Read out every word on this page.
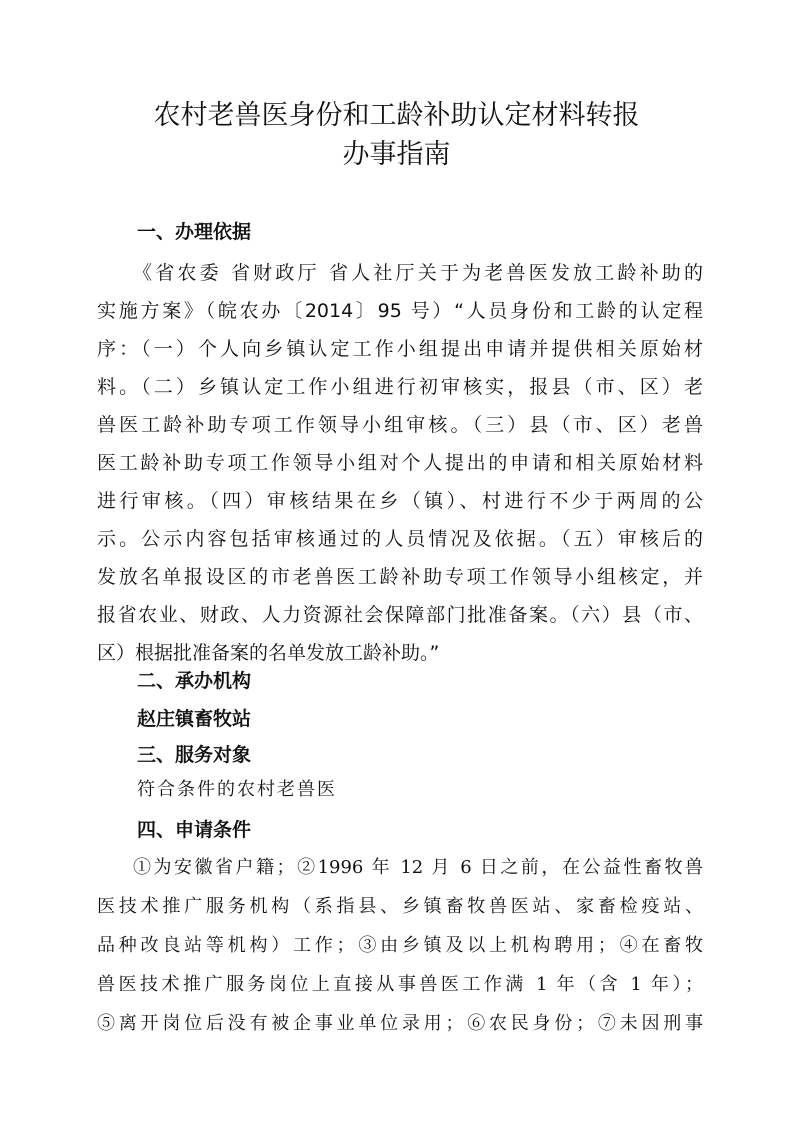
农村老兽医身份和工龄补助认定材料转报
办事指南
一、办理依据
《省农委 省财政厅 省人社厅关于为老兽医发放工龄补助的
实施方案》（皖农办〔2014〕95 号）“人员身份和工龄的认定程
序：（一）个人向乡镇认定工作小组提出申请并提供相关原始材
料。（二）乡镇认定工作小组进行初审核实，报县（市、区）老
兽医工龄补助专项工作领导小组审核。（三）县（市、区）老兽
医工龄补助专项工作领导小组对个人提出的申请和相关原始材料
进行审核。（四）审核结果在乡（镇）、村进行不少于两周的公
示。公示内容包括审核通过的人员情况及依据。（五）审核后的
发放名单报设区的市老兽医工龄补助专项工作领导小组核定，并
报省农业、财政、人力资源社会保障部门批准备案。（六）县（市、
区）根据批准备案的名单发放工龄补助。”
二、承办机构
赵庄镇畜牧站
三、服务对象
符合条件的农村老兽医
四、申请条件
①为安徽省户籍；②1996 年 12 月 6 日之前，在公益性畜牧兽
医技术推广服务机构（系指县、乡镇畜牧兽医站、家畜检疫站、
品种改良站等机构）工作；③由乡镇及以上机构聘用；④在畜牧
兽医技术推广服务岗位上直接从事兽医工作满 1 年（含 1 年）；
⑤离开岗位后没有被企事业单位录用；⑥农民身份；⑦未因刑事
